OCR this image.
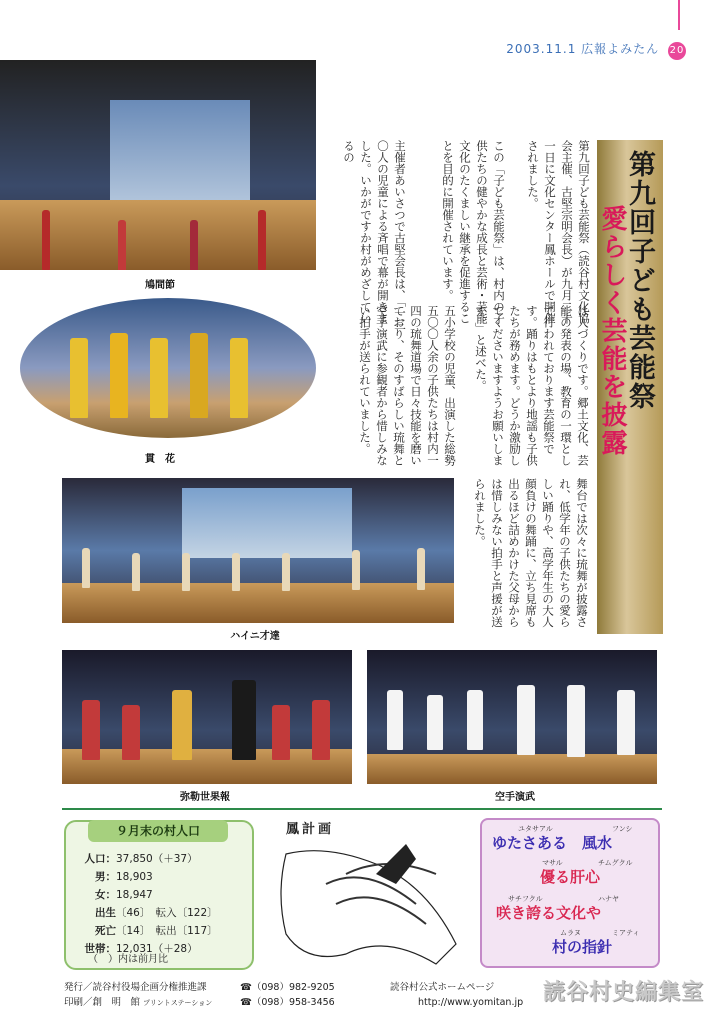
2003.11.1 広報よみたん 20
鳩間節
貫　花
ハイニ才達
弥勒世果報	空手演武
第九回子ども芸能祭（読谷村文化協会主催、古堅宗明会長）が九月二十一日に文化センター鳳ホールで開催されました。
この「子ども芸能祭」は、村内の子供たちの健やかな成長と芸術・芸能文化のたくましい継承を促進することを目的に開催されています。
主催者あいさつで古堅会長は、「一三〇人の児童による斉唱で幕が開きました。いかがですか村がめざしているの
は人づくりです。郷土文化、芸能の発表の場、教育の一環として行われております芸能祭です。踊りはもとより地謡も子供たちが務めます。どうか激励してくださいますようお願いします。」と述べた。
五小学校の児童、出演した総勢五〇〇人余の子供たちは村内一四の琉舞道場で日々技能を磨いており、そのすばらしい琉舞と空手演武に参観者から惜しみない拍手が送られていました。
舞台では次々に琉舞が披露され、低学年の子供たちの愛らしい踊りや、高学年生の大人顔負けの舞踊に、立ち見席も出るほど詰めかけた父母からは惜しみない拍手と声援が送られました。
第九回子ども芸能祭
愛らしく芸能を披露
９月末の村人口
人口：37,850（＋37）
男：18,903
女：18,947
出生〔46〕　転入〔122〕
死亡〔14〕　転出〔117〕
世帯：12,031（＋28）
（　）内は前月比
鳳計画	ユタサアル	フンシ
ゆたさある　風水
マサル	チムグクル
優る肝心
サチフクル	ハナヤ
咲き誇る文化や
ムラヌ	ミアティ
村の指針
発行／読谷村役場企画分権推進課
印刷／創　明　館 プリントステーション
☎（098）982-9205
☎（098）958-3456
読谷村公式ホームページ
http://www.yomitan.jp 読谷村史編集室
